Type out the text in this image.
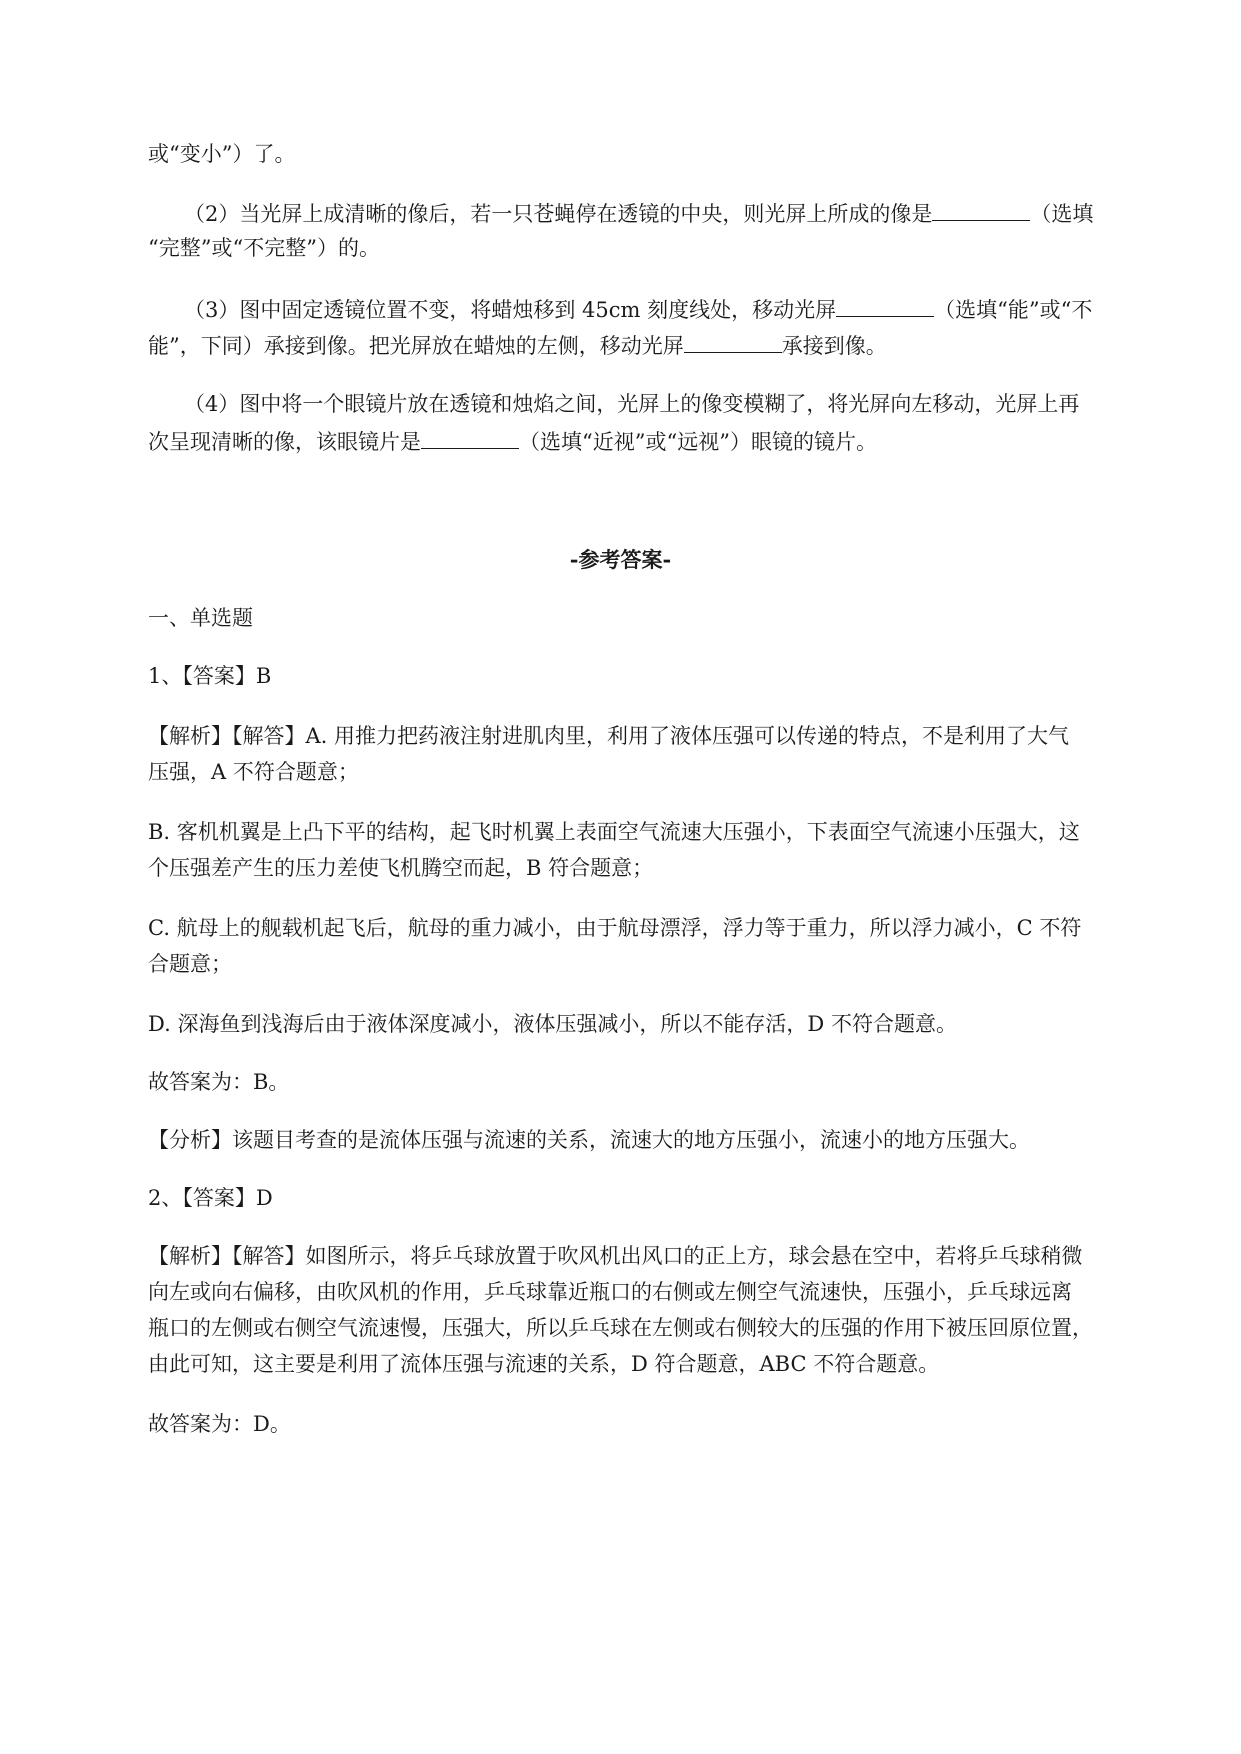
或“变小”）了。
（2）当光屏上成清晰的像后，若一只苍蝇停在透镜的中央，则光屏上所成的像是	（选填
“完整”或“不完整”）的。
（3）图中固定透镜位置不变，将蜡烛移到 45cm 刻度线处，移动光屏	（选填“能”或“不
能”，下同）承接到像。把光屏放在蜡烛的左侧，移动光屏	承接到像。
（4）图中将一个眼镜片放在透镜和烛焰之间，光屏上的像变模糊了，将光屏向左移动，光屏上再
次呈现清晰的像，该眼镜片是	（选填“近视”或“远视”）眼镜的镜片。
-参考答案-
一、单选题
1、【答案】B
【解析】【解答】A. 用推力把药液注射进肌肉里，利用了液体压强可以传递的特点，不是利用了大气
压强，A 不符合题意；
B. 客机机翼是上凸下平的结构，起飞时机翼上表面空气流速大压强小，下表面空气流速小压强大，这
个压强差产生的压力差使飞机腾空而起，B 符合题意；
C. 航母上的舰载机起飞后，航母的重力减小，由于航母漂浮，浮力等于重力，所以浮力减小，C 不符
合题意；
D. 深海鱼到浅海后由于液体深度减小，液体压强减小，所以不能存活，D 不符合题意。
故答案为：B。
【分析】该题目考查的是流体压强与流速的关系，流速大的地方压强小，流速小的地方压强大。
2、【答案】D
【解析】【解答】如图所示，将乒乓球放置于吹风机出风口的正上方，球会悬在空中，若将乒乓球稍微
向左或向右偏移，由吹风机的作用，乒乓球靠近瓶口的右侧或左侧空气流速快，压强小，乒乓球远离
瓶口的左侧或右侧空气流速慢，压强大，所以乒乓球在左侧或右侧较大的压强的作用下被压回原位置，
由此可知，这主要是利用了流体压强与流速的关系，D 符合题意，ABC 不符合题意。
故答案为：D。
